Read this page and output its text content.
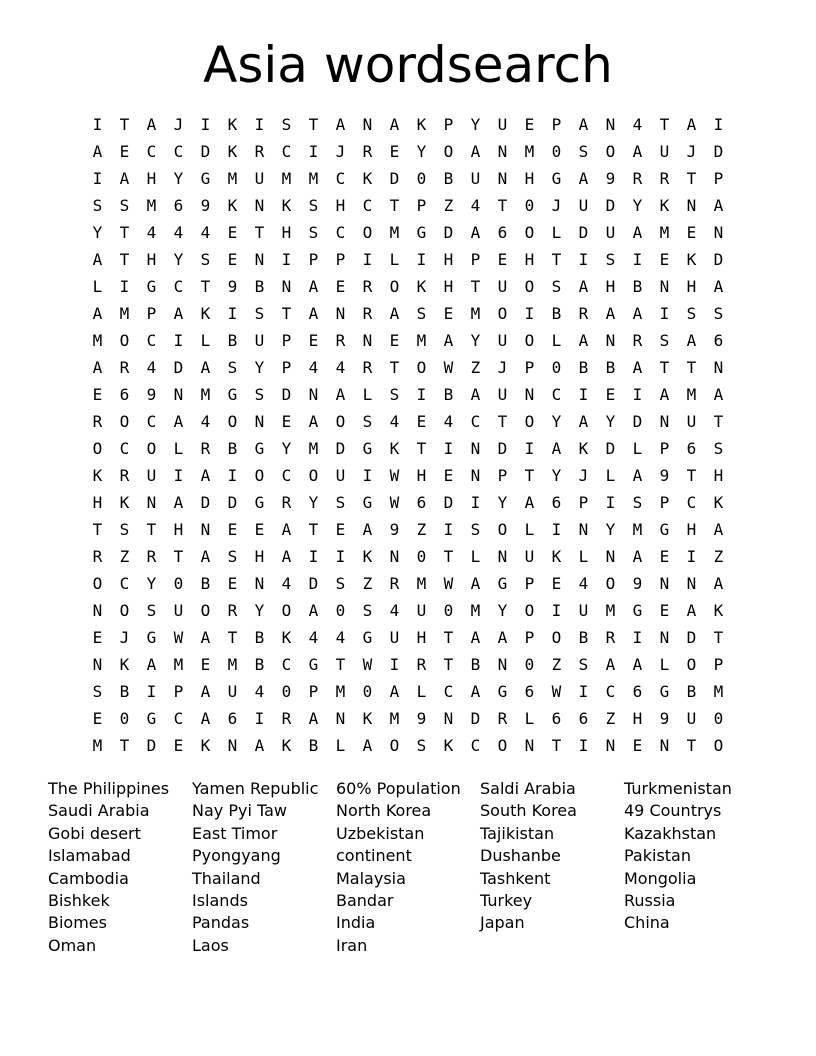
Asia wordsearch
I	T	A	J	I	K	I	S	T	A	N	A	K	P	Y	U	E	P	A	N	4	T	A	I
A	E	C	C	D	K	R	C	I	J	R	E	Y	O	A	N	M	0	S	O	A	U	J	D
I	A	H	Y	G	M	U	M	M	C	K	D	0	B	U	N	H	G	A	9	R	R	T	P
S	S	M	6	9	K	N	K	S	H	C	T	P	Z	4	T	0	J	U	D	Y	K	N	A
Y	T	4	4	4	E	T	H	S	C	O	M	G	D	A	6	O	L	D	U	A	M	E	N
A	T	H	Y	S	E	N	I	P	P	I	L	I	H	P	E	H	T	I	S	I	E	K	D
L	I	G	C	T	9	B	N	A	E	R	O	K	H	T	U	O	S	A	H	B	N	H	A
A	M	P	A	K	I	S	T	A	N	R	A	S	E	M	O	I	B	R	A	A	I	S	S
M	O	C	I	L	B	U	P	E	R	N	E	M	A	Y	U	O	L	A	N	R	S	A	6
A	R	4	D	A	S	Y	P	4	4	R	T	O	W	Z	J	P	0	B	B	A	T	T	N
E	6	9	N	M	G	S	D	N	A	L	S	I	B	A	U	N	C	I	E	I	A	M	A
R	O	C	A	4	O	N	E	A	O	S	4	E	4	C	T	O	Y	A	Y	D	N	U	T
O	C	O	L	R	B	G	Y	M	D	G	K	T	I	N	D	I	A	K	D	L	P	6	S
K	R	U	I	A	I	O	C	O	U	I	W	H	E	N	P	T	Y	J	L	A	9	T	H
H	K	N	A	D	D	G	R	Y	S	G	W	6	D	I	Y	A	6	P	I	S	P	C	K
T	S	T	H	N	E	E	A	T	E	A	9	Z	I	S	O	L	I	N	Y	M	G	H	A
R	Z	R	T	A	S	H	A	I	I	K	N	0	T	L	N	U	K	L	N	A	E	I	Z
O	C	Y	0	B	E	N	4	D	S	Z	R	M	W	A	G	P	E	4	O	9	N	N	A
N	O	S	U	O	R	Y	O	A	0	S	4	U	0	M	Y	O	I	U	M	G	E	A	K
E	J	G	W	A	T	B	K	4	4	G	U	H	T	A	A	P	O	B	R	I	N	D	T
N	K	A	M	E	M	B	C	G	T	W	I	R	T	B	N	0	Z	S	A	A	L	O	P
S	B	I	P	A	U	4	0	P	M	0	A	L	C	A	G	6	W	I	C	6	G	B	M
E	0	G	C	A	6	I	R	A	N	K	M	9	N	D	R	L	6	6	Z	H	9	U	0
M	T	D	E	K	N	A	K	B	L	A	O	S	K	C	O	N	T	I	N	E	N	T	O
The Philippines
Saudi Arabia
Gobi desert
Islamabad
Cambodia
Bishkek
Biomes
Oman
Yamen Republic
Nay Pyi Taw
East Timor
Pyongyang
Thailand
Islands
Pandas
Laos
60% Population
North Korea
Uzbekistan
continent
Malaysia
Bandar
India
Iran
Saldi Arabia
South Korea
Tajikistan
Dushanbe
Tashkent
Turkey
Japan
Turkmenistan
49 Countrys
Kazakhstan
Pakistan
Mongolia
Russia
China
